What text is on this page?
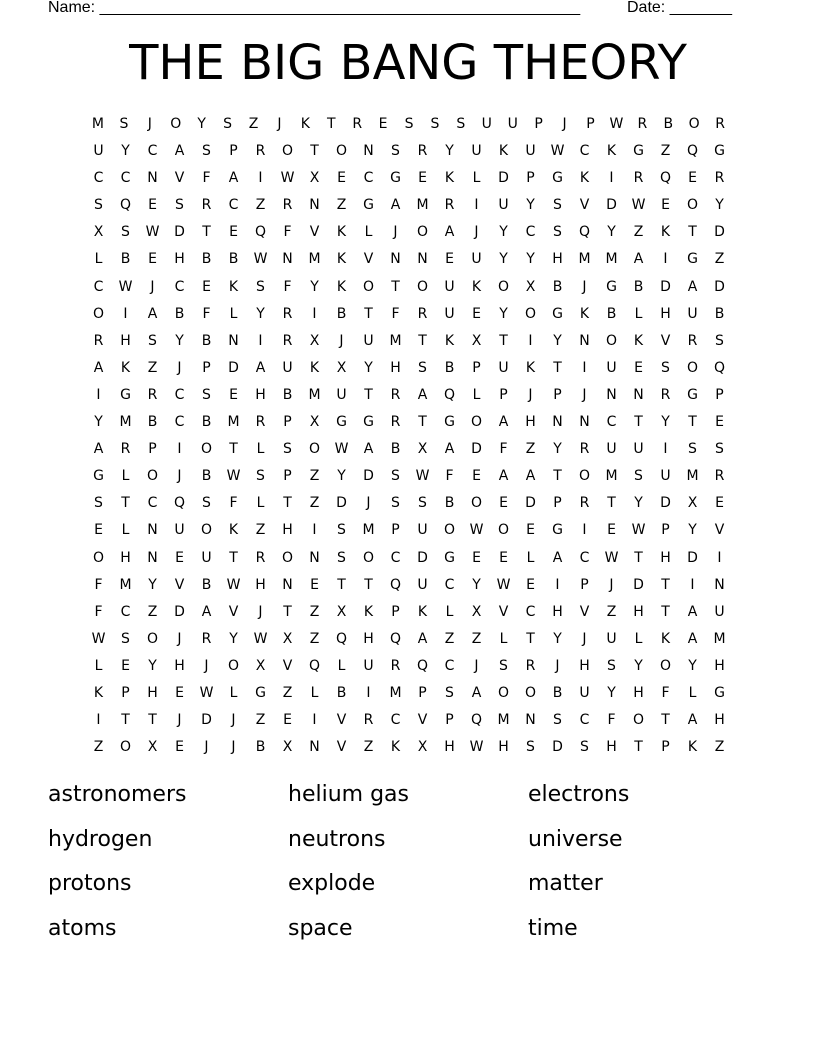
Name: ______________________________________________________	Date: _______
THE BIG BANG THEORY
M	S	J	O	Y	S	Z	J	K	T	R	E	S	S	S	U	U	P	J	P	W	R	B	O	R
U	Y	C	A	S	P	R	O	T	O	N	S	R	Y	U	K	U	W	C	K	G	Z	Q	G
C	C	N	V	F	A	I	W	X	E	C	G	E	K	L	D	P	G	K	I	R	Q	E	R
S	Q	E	S	R	C	Z	R	N	Z	G	A	M	R	I	U	Y	S	V	D	W	E	O	Y
X	S	W	D	T	E	Q	F	V	K	L	J	O	A	J	Y	C	S	Q	Y	Z	K	T	D
L	B	E	H	B	B	W	N	M	K	V	N	N	E	U	Y	Y	H	M	M	A	I	G	Z
C	W	J	C	E	K	S	F	Y	K	O	T	O	U	K	O	X	B	J	G	B	D	A	D
O	I	A	B	F	L	Y	R	I	B	T	F	R	U	E	Y	O	G	K	B	L	H	U	B
R	H	S	Y	B	N	I	R	X	J	U	M	T	K	X	T	I	Y	N	O	K	V	R	S
A	K	Z	J	P	D	A	U	K	X	Y	H	S	B	P	U	K	T	I	U	E	S	O	Q
I	G	R	C	S	E	H	B	M	U	T	R	A	Q	L	P	J	P	J	N	N	R	G	P
Y	M	B	C	B	M	R	P	X	G	G	R	T	G	O	A	H	N	N	C	T	Y	T	E
A	R	P	I	O	T	L	S	O	W	A	B	X	A	D	F	Z	Y	R	U	U	I	S	S
G	L	O	J	B	W	S	P	Z	Y	D	S	W	F	E	A	A	T	O	M	S	U	M	R
S	T	C	Q	S	F	L	T	Z	D	J	S	S	B	O	E	D	P	R	T	Y	D	X	E
E	L	N	U	O	K	Z	H	I	S	M	P	U	O	W	O	E	G	I	E	W	P	Y	V
O	H	N	E	U	T	R	O	N	S	O	C	D	G	E	E	L	A	C	W	T	H	D	I
F	M	Y	V	B	W	H	N	E	T	T	Q	U	C	Y	W	E	I	P	J	D	T	I	N
F	C	Z	D	A	V	J	T	Z	X	K	P	K	L	X	V	C	H	V	Z	H	T	A	U
W	S	O	J	R	Y	W	X	Z	Q	H	Q	A	Z	Z	L	T	Y	J	U	L	K	A	M
L	E	Y	H	J	O	X	V	Q	L	U	R	Q	C	J	S	R	J	H	S	Y	O	Y	H
K	P	H	E	W	L	G	Z	L	B	I	M	P	S	A	O	O	B	U	Y	H	F	L	G
I	T	T	J	D	J	Z	E	I	V	R	C	V	P	Q	M	N	S	C	F	O	T	A	H
Z	O	X	E	J	J	B	X	N	V	Z	K	X	H	W	H	S	D	S	H	T	P	K	Z
astronomers	helium gas	electrons
hydrogen	neutrons	universe
protons	explode	matter
atoms	space	time
